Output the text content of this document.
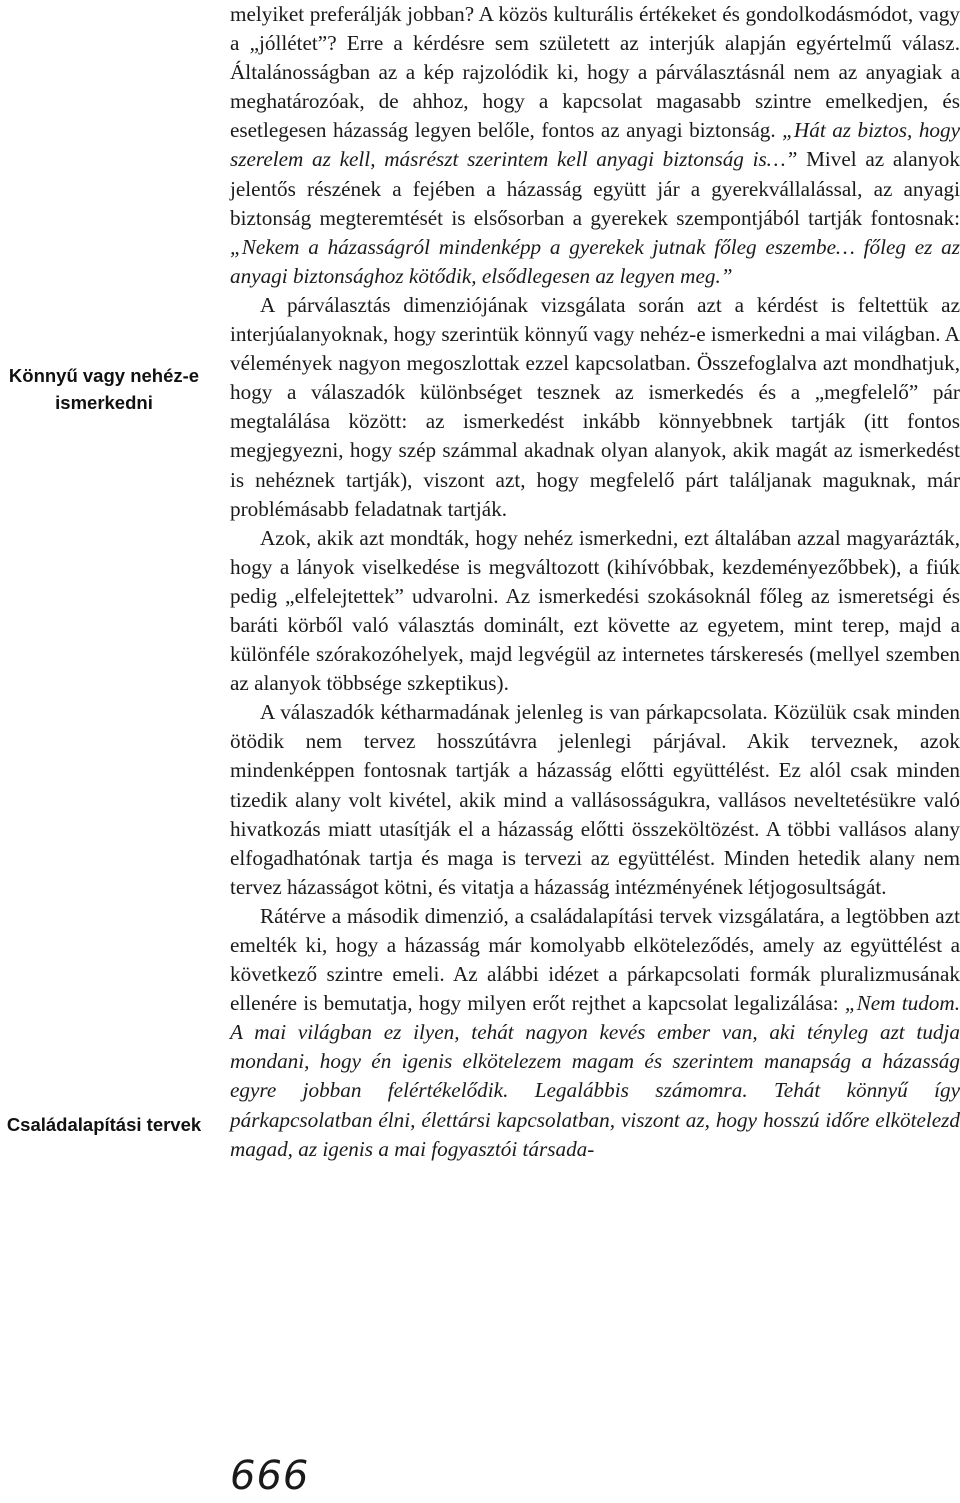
Könnyű vagy nehéz-e ismerkedni
Családalapítási tervek

melyiket preferálják jobban? A közös kulturális értékeket és gondolkodásmódot, vagy a „jóllétet”? Erre a kérdésre sem született az interjúk alapján egyértelmű válasz. Általánosságban az a kép rajzolódik ki, hogy a párválasztásnál nem az anyagiak a meghatározóak, de ahhoz, hogy a kapcsolat magasabb szintre emelkedjen, és esetlegesen házasság legyen belőle, fontos az anyagi biztonság. „Hát az biztos, hogy szerelem az kell, másrészt szerintem kell anyagi biztonság is…” Mivel az alanyok jelentős részének a fejében a házasság együtt jár a gyerekvállalással, az anyagi biztonság megteremtését is elsősorban a gyerekek szempontjából tartják fontosnak: „Nekem a házasságról mindenképp a gyerekek jutnak főleg eszembe… főleg ez az anyagi biztonsághoz kötődik, elsődlegesen az legyen meg.”

A párválasztás dimenziójának vizsgálata során azt a kérdést is feltettük az interjúalanyoknak, hogy szerintük könnyű vagy nehéz-e ismerkedni a mai világban. A vélemények nagyon megoszlottak ezzel kapcsolatban. Összefoglalva azt mondhatjuk, hogy a válaszadók különbséget tesznek az ismerkedés és a „megfelelő” pár megtalálása között: az ismerkedést inkább könnyebbnek tartják (itt fontos megjegyezni, hogy szép számmal akadnak olyan alanyok, akik magát az ismerkedést is nehéznek tartják), viszont azt, hogy megfelelő párt találjanak maguknak, már problémásabb feladatnak tartják.

Azok, akik azt mondták, hogy nehéz ismerkedni, ezt általában azzal magyarázták, hogy a lányok viselkedése is megváltozott (kihívóbbak, kezdeményezőbbek), a fiúk pedig „elfelejtettek” udvarolni. Az ismerkedési szokásoknál főleg az ismeretségi és baráti körből való választás dominált, ezt követte az egyetem, mint terep, majd a különféle szórakozóhelyek, majd legvégül az internetes társkeresés (mellyel szemben az alanyok többsége szkeptikus).

A válaszadók kétharmadának jelenleg is van párkapcsolata. Közülük csak minden ötödik nem tervez hosszútávra jelenlegi párjával. Akik terveznek, azok mindenképpen fontosnak tartják a házasság előtti együttélést. Ez alól csak minden tizedik alany volt kivétel, akik mind a vallásosságukra, vallásos neveltetésükre való hivatkozás miatt utasítják el a házasság előtti összeköltözést. A többi vallásos alany elfogadhatónak tartja és maga is tervezi az együttélést. Minden hetedik alany nem tervez házasságot kötni, és vitatja a házasság intézményének létjogosultságát.

Rátérve a második dimenzió, a családalapítási tervek vizsgálatára, a legtöbben azt emelték ki, hogy a házasság már komolyabb elköteleződés, amely az együttélést a következő szintre emeli. Az alábbi idézet a párkapcsolati formák pluralizmusának ellenére is bemutatja, hogy milyen erőt rejthet a kapcsolat legalizálása: „Nem tudom. A mai világban ez ilyen, tehát nagyon kevés ember van, aki tényleg azt tudja mondani, hogy én igenis elkötelezem magam és szerintem manapság a házasság egyre jobban felértékelődik. Legalábbis számomra. Tehát könnyű így párkapcsolatban élni, élettársi kapcsolatban, viszont az, hogy hosszú időre elkötelezd magad, az igenis a mai fogyasztói társada-

666
